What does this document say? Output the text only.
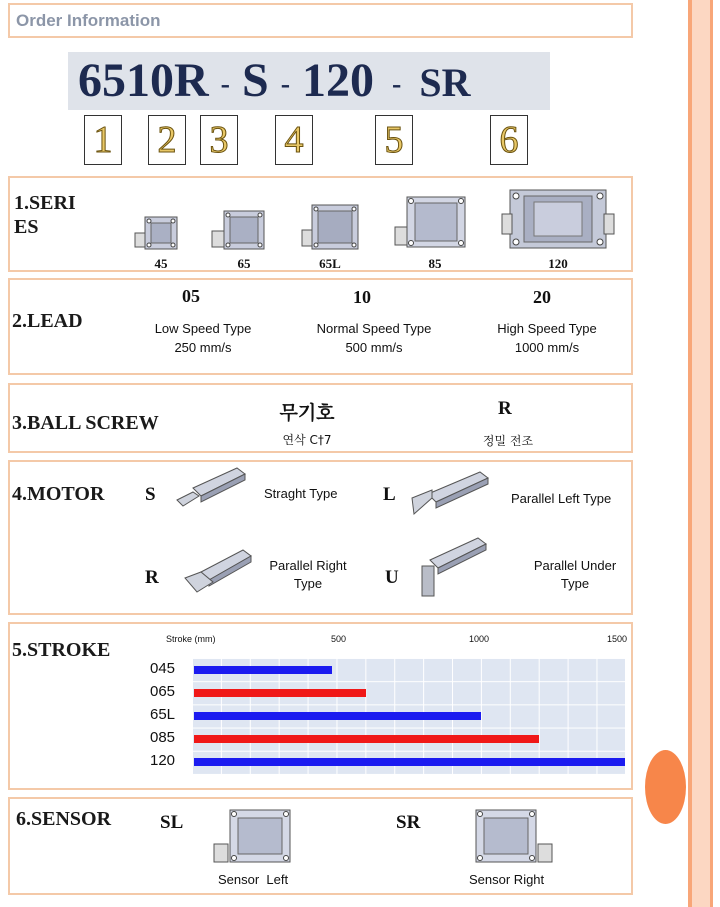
Order Information
6510R - S - 120 - SR
1 2 3 4 5	6
1.SERI
ES
45	65	65L	85	120
2.LEAD
05
Low Speed Type
250 mm/s
10
Normal Speed Type
500 mm/s
20
High Speed Type
1000 mm/s
3.BALL SCREW	무기호
연삭 C†7
R
정밀 전조
4.MOTOR S	Straght Type L	Parallel Left Type
R
Parallel Right
Type	U
Parallel Under
Type
5.STROKE	Stroke (mm)	500	1000	1500
045
065
65L
085
120
6.SENSOR	SL
Sensor  Left
SR
Sensor Right
